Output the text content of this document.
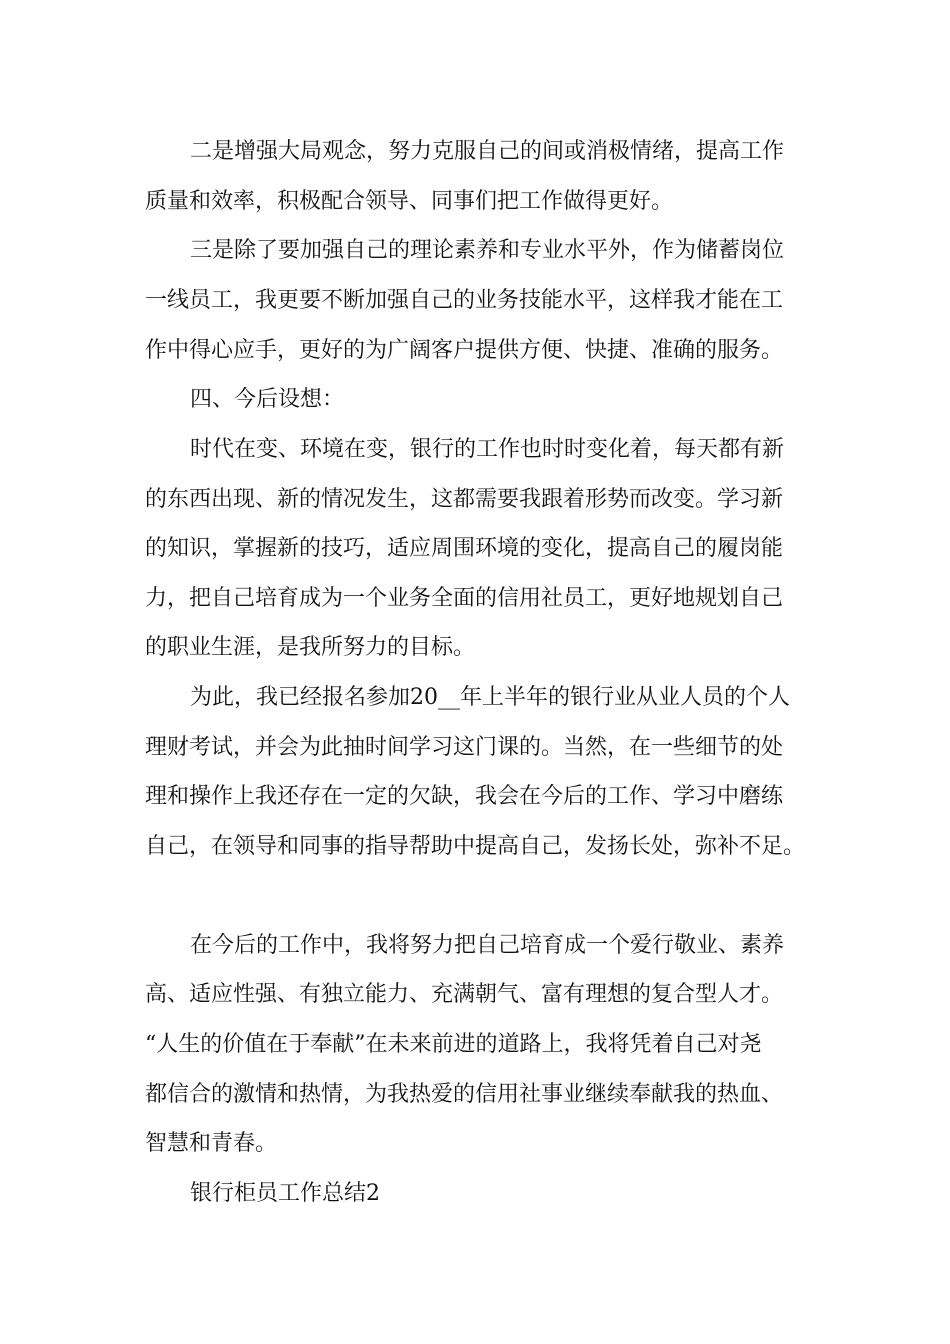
二是增强大局观念，努力克服自己的间或消极情绪，提高工作

质量和效率，积极配合领导、同事们把工作做得更好。

三是除了要加强自己的理论素养和专业水平外，作为储蓄岗位

一线员工，我更要不断加强自己的业务技能水平，这样我才能在工

作中得心应手，更好的为广阔客户提供方便、快捷、准确的服务。

四、今后设想：

时代在变、环境在变，银行的工作也时时变化着，每天都有新

的东西出现、新的情况发生，这都需要我跟着形势而改变。学习新

的知识，掌握新的技巧，适应周围环境的变化，提高自己的履岗能

力，把自己培育成为一个业务全面的信用社员工，更好地规划自己

的职业生涯，是我所努力的目标。

为此，我已经报名参加20__年上半年的银行业从业人员的个人

理财考试，并会为此抽时间学习这门课的。当然，在一些细节的处

理和操作上我还存在一定的欠缺，我会在今后的工作、学习中磨练

自己，在领导和同事的指导帮助中提高自己，发扬长处，弥补不足。

在今后的工作中，我将努力把自己培育成一个爱行敬业、素养

高、适应性强、有独立能力、充满朝气、富有理想的复合型人才。

“人生的价值在于奉献”在未来前进的道路上，我将凭着自己对尧

都信合的激情和热情，为我热爱的信用社事业继续奉献我的热血、

智慧和青春。

银行柜员工作总结2
